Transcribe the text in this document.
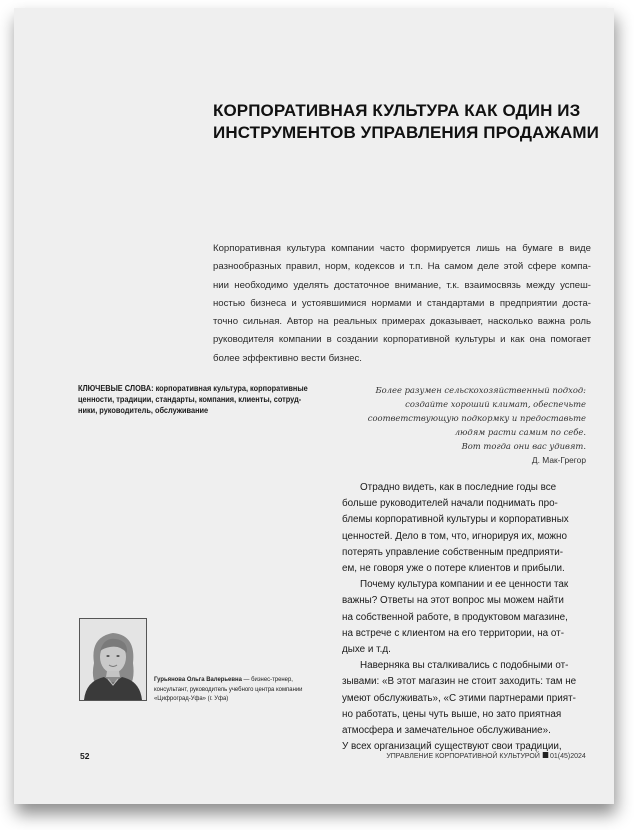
КОРПОРАТИВНАЯ КУЛЬТУРА КАК ОДИН ИЗ
ИНСТРУМЕНТОВ УПРАВЛЕНИЯ ПРОДАЖАМИ
Корпоративная культура компании часто формируется лишь на бумаге в виде
разнообразных правил, норм, кодексов и т.п. На самом деле этой сфере компа-
нии необходимо уделять достаточное внимание, т.к. взаимосвязь между успеш-
ностью бизнеса и устоявшимися нормами и стандартами в предприятии доста-
точно сильная. Автор на реальных примерах доказывает, насколько важна роль
руководителя компании в создании корпоративной культуры и как она помогает
более эффективно вести бизнес.
КЛЮЧЕВЫЕ СЛОВА: корпоративная культура, корпоративные
ценности, традиции, стандарты, компания, клиенты, сотруд-
ники, руководитель, обслуживание
Более разумен сельскохозяйственный подход:
создайте хороший климат, обеспечьте
соответствующую подкормку и предоставьте
людям расти самим по себе.
Вот тогда они вас удивят.
Д. Мак-Грегор
Отрадно видеть, как в последние годы все
больше руководителей начали поднимать про-
блемы корпоративной культуры и корпоративных
ценностей. Дело в том, что, игнорируя их, можно
потерять управление собственным предприяти-
ем, не говоря уже о потере клиентов и прибыли.
Почему культура компании и ее ценности так
важны? Ответы на этот вопрос мы можем найти
на собственной работе, в продуктовом магазине,
на встрече с клиентом на его территории, на от-
дыхе и т.д.
Наверняка вы сталкивались с подобными от-
зывами: «В этот магазин не стоит заходить: там не
умеют обслуживать», «С этими партнерами прият-
но работать, цены чуть выше, но зато приятная
атмосфера и замечательное обслуживание».
У всех организаций существуют свои традиции,
Гурьянова Ольга Валерьевна — бизнес-тренер,
консультант, руководитель учебного центра компании
«Цифроград-Уфа» (г. Уфа)
52	УПРАВЛЕНИЕ КОРПОРАТИВНОЙ КУЛЬТУРОЙ 01(45)2024
